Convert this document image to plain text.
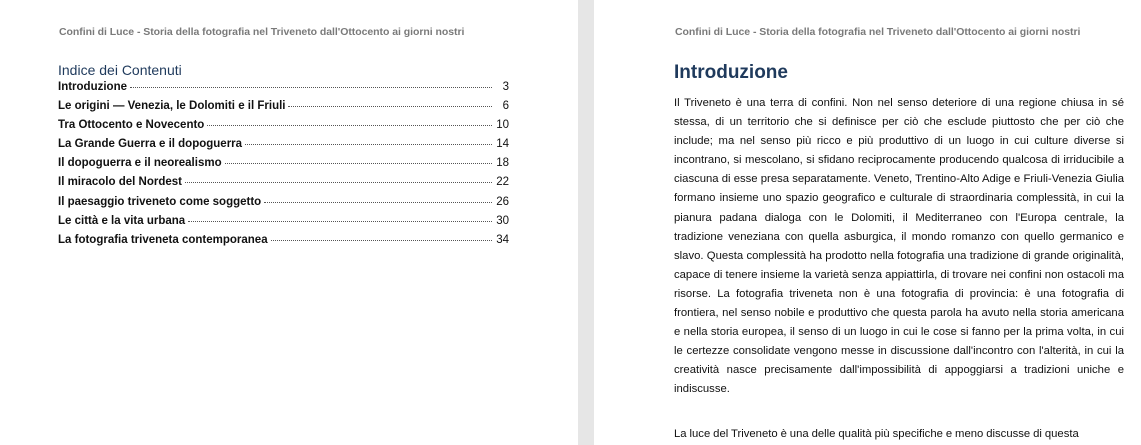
Confini di Luce - Storia della fotografia nel Triveneto dall'Ottocento ai giorni nostri
Indice dei Contenuti
Introduzione	3
Le origini — Venezia, le Dolomiti e il Friuli	6
Tra Ottocento e Novecento	10
La Grande Guerra e il dopoguerra	14
Il dopoguerra e il neorealismo	18
Il miracolo del Nordest	22
Il paesaggio triveneto come soggetto	26
Le città e la vita urbana	30
La fotografia triveneta contemporanea	34
Confini di Luce - Storia della fotografia nel Triveneto dall'Ottocento ai giorni nostri
Introduzione

Il Triveneto è una terra di confini. Non nel senso deteriore di una regione chiusa in sé stessa, di un territorio che si definisce per ciò che esclude piuttosto che per ciò che include; ma nel senso più ricco e più produttivo di un luogo in cui culture diverse si incontrano, si mescolano, si sfidano reciprocamente producendo qualcosa di irriducibile a ciascuna di esse presa separatamente. Veneto, Trentino-Alto Adige e Friuli-Venezia Giulia formano insieme uno spazio geografico e culturale di straordinaria complessità, in cui la pianura padana dialoga con le Dolomiti, il Mediterraneo con l'Europa centrale, la tradizione veneziana con quella asburgica, il mondo romanzo con quello germanico e slavo. Questa complessità ha prodotto nella fotografia una tradizione di grande originalità, capace di tenere insieme la varietà senza appiattirla, di trovare nei confini non ostacoli ma risorse. La fotografia triveneta non è una fotografia di provincia: è una fotografia di frontiera, nel senso nobile e produttivo che questa parola ha avuto nella storia americana e nella storia europea, il senso di un luogo in cui le cose si fanno per la prima volta, in cui le certezze consolidate vengono messe in discussione dall'incontro con l'alterità, in cui la creatività nasce precisamente dall'impossibilità di appoggiarsi a tradizioni uniche e indiscusse.

La luce del Triveneto è una delle qualità più specifiche e meno discusse di questa
